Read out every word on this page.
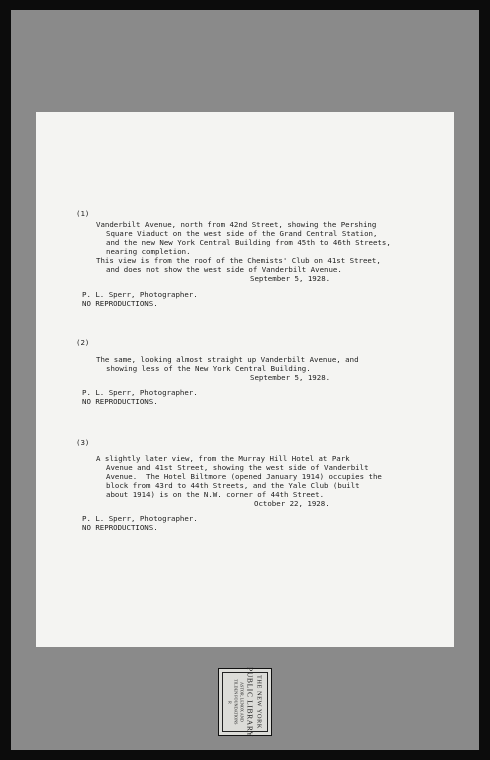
(1)

Vanderbilt Avenue, north from 42nd Street, showing the Pershing

Square Viaduct on the west side of the Grand Central Station,

and the new New York Central Building from 45th to 46th Streets,

nearing completion.

This view is from the roof of the Chemists' Club on 41st Street,

and does not show the west side of Vanderbilt Avenue.

September 5, 1928.

P. L. Sperr, Photographer.

NO REPRODUCTIONS.

(2)

The same, looking almost straight up Vanderbilt Avenue, and

showing less of the New York Central Building.

September 5, 1928.

P. L. Sperr, Photographer.

NO REPRODUCTIONS.

(3)

A slightly later view, from the Murray Hill Hotel at Park

Avenue and 41st Street, showing the west side of Vanderbilt

Avenue.  The Hotel Biltmore (opened January 1914) occupies the

block from 43rd to 44th Streets, and the Yale Club (built

about 1914) is on the N.W. corner of 44th Street.

October 22, 1928.

P. L. Sperr, Photographer.

NO REPRODUCTIONS.

THE NEW YORK
PUBLIC LIBRARY
ASTOR, LENOX AND
TILDEN FOUNDATIONS
R
